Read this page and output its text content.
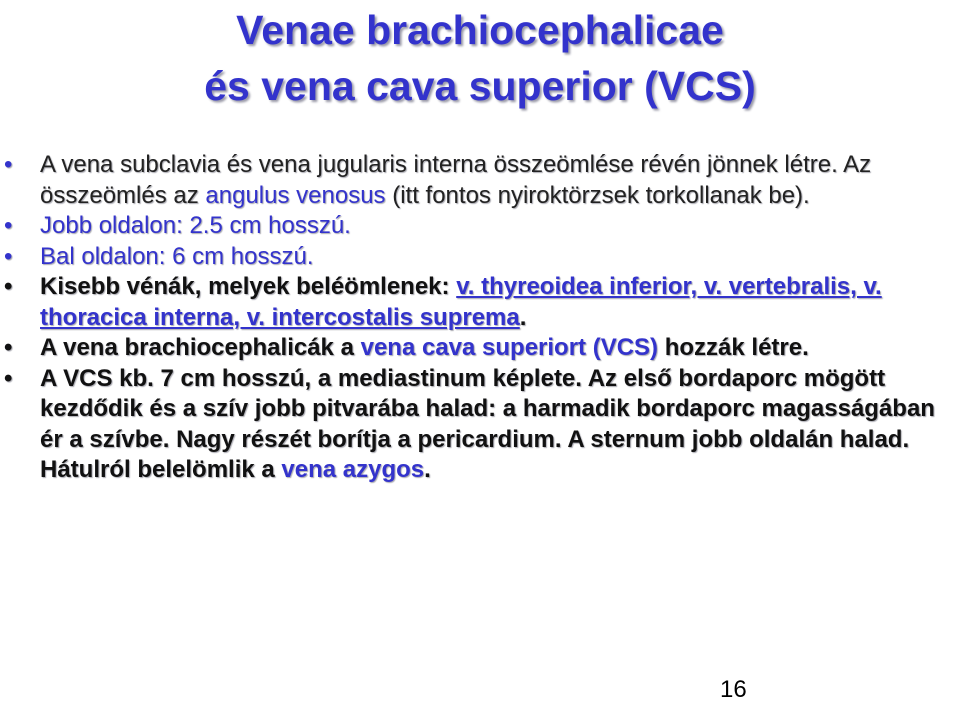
Venae brachiocephalicae
és vena cava superior (VCS)
• A vena subclavia és vena jugularis interna összeömlése révén jönnek létre. Az összeömlés az angulus venosus (itt fontos nyiroktörzsek torkollanak be).
• Jobb oldalon: 2.5 cm hosszú.
• Bal oldalon: 6 cm hosszú.
• Kisebb vénák, melyek beléömlenek: v. thyreoidea inferior, v. vertebralis, v. thoracica interna, v. intercostalis suprema.
• A vena brachiocephalicák a vena cava superiort (VCS) hozzák létre.
• A VCS kb. 7 cm hosszú, a mediastinum képlete. Az első bordaporc mögött kezdődik és a szív jobb pitvarába halad: a harmadik bordaporc magasságában ér a szívbe. Nagy részét borítja a pericardium. A sternum jobb oldalán halad. Hátulról belelömlik a vena azygos.
16
